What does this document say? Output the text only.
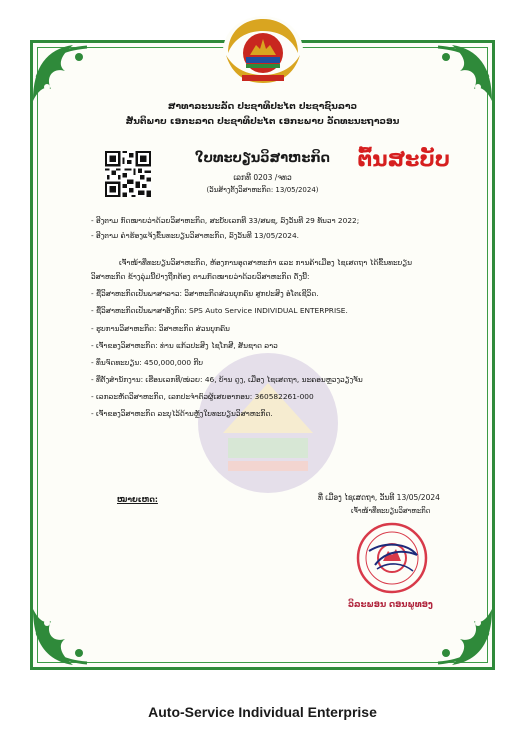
ສາທາລະນະລັດ ປະຊາທິປະໄຕ ປະຊາຊົນລາວ
ສັນຕິພາບ ເອກະລາດ ປະຊາທິປະໄຕ ເອກະພາບ ວັດທະນະຖາວອນ
ໃບທະບຽນວິສາຫະກິດ
ເລກທີ 0203 /ຈທວ
(ວັນສ້າງຕັ້ງວິສາຫະກິດ: 13/05/2024)
ຕົ້ນສະບັບ
- ອີງຕາມ ກົດໝາຍວ່າດ້ວຍວິສາຫະກິດ, ສະບັບເລກທີ 33/ສພຊ, ລົງວັນທີ 29 ທັນວາ 2022;
- ອີງຕາມ ຄຳຮ້ອງແຈ້ງຂຶ້ນທະບຽນວິສາຫະກິດ, ລົງວັນທີ 13/05/2024.
ເຈົ້າໜ້າທີ່ທະບຽນວິສາຫະກິດ, ຫ້ອງການອຸດສາຫະກຳ ແລະ ການຄ້າເມືອງ ໄຊເສດຖາ ໄດ້ຂຶ້ນທະບຽນ
ວິສາຫະກິດ ຂ້າງລຸ່ມນີ້ຢ່າງຖືກຕ້ອງ ຕາມກົດໝາຍວ່າດ້ວຍວິສາຫະກິດ ດັ່ງນີ້:
- ຊື່ວິສາຫະກິດເປັນພາສາລາວ: ວິສາຫະກິດສ່ວນບຸກຄົນ ສູກປະສິງ ອໍໂຕເຊີວິດ.
- ຊື່ວິສາຫະກິດເປັນພາສາອັງກິດ: SPS Auto Service INDIVIDUAL ENTERPRISE.
- ຮູບການວິສາຫະກິດ: ວິສາຫະກິດ ສ່ວນບຸກຄົນ
- ເຈົ້າຂອງວິສາຫະກິດ: ທ່ານ ແກ້ວປະສິງ ໄຊໂກສີ, ສັນຊາດ ລາວ
- ທຶນຈົດທະບຽນ: 450,000,000 ກີບ
- ທີ່ຕັ້ງສຳນັກງານ: ເຮືອນເລກທີ/ໜ່ວຍ: 46, ບ້ານ ດູງ, ເມືອງ ໄຊເສດຖາ, ນະຄອນຫຼວງວຽງຈັນ
- ເລກລະຫັດວິສາຫະກິດ, ເລກປະຈຳຕົວຜູ້ເສຍອາກອນ: 360582261-000
- ເຈົ້າຂອງວິສາຫະກິດ ລະບຸໄວ້ດ້ານຫຼັງໃບທະບຽນວິສາຫະກິດ.
ໝາຍເຫດ:	ທີ່ ເມືອງ ໄຊເສດຖາ, ວັນທີ 13/05/2024
ເຈົ້າໜ້າທີ່ທະບຽນວິສາຫະກິດ
ວິລະພອນ ດອນພູທອງ
Auto-Service Individual Enterprise
